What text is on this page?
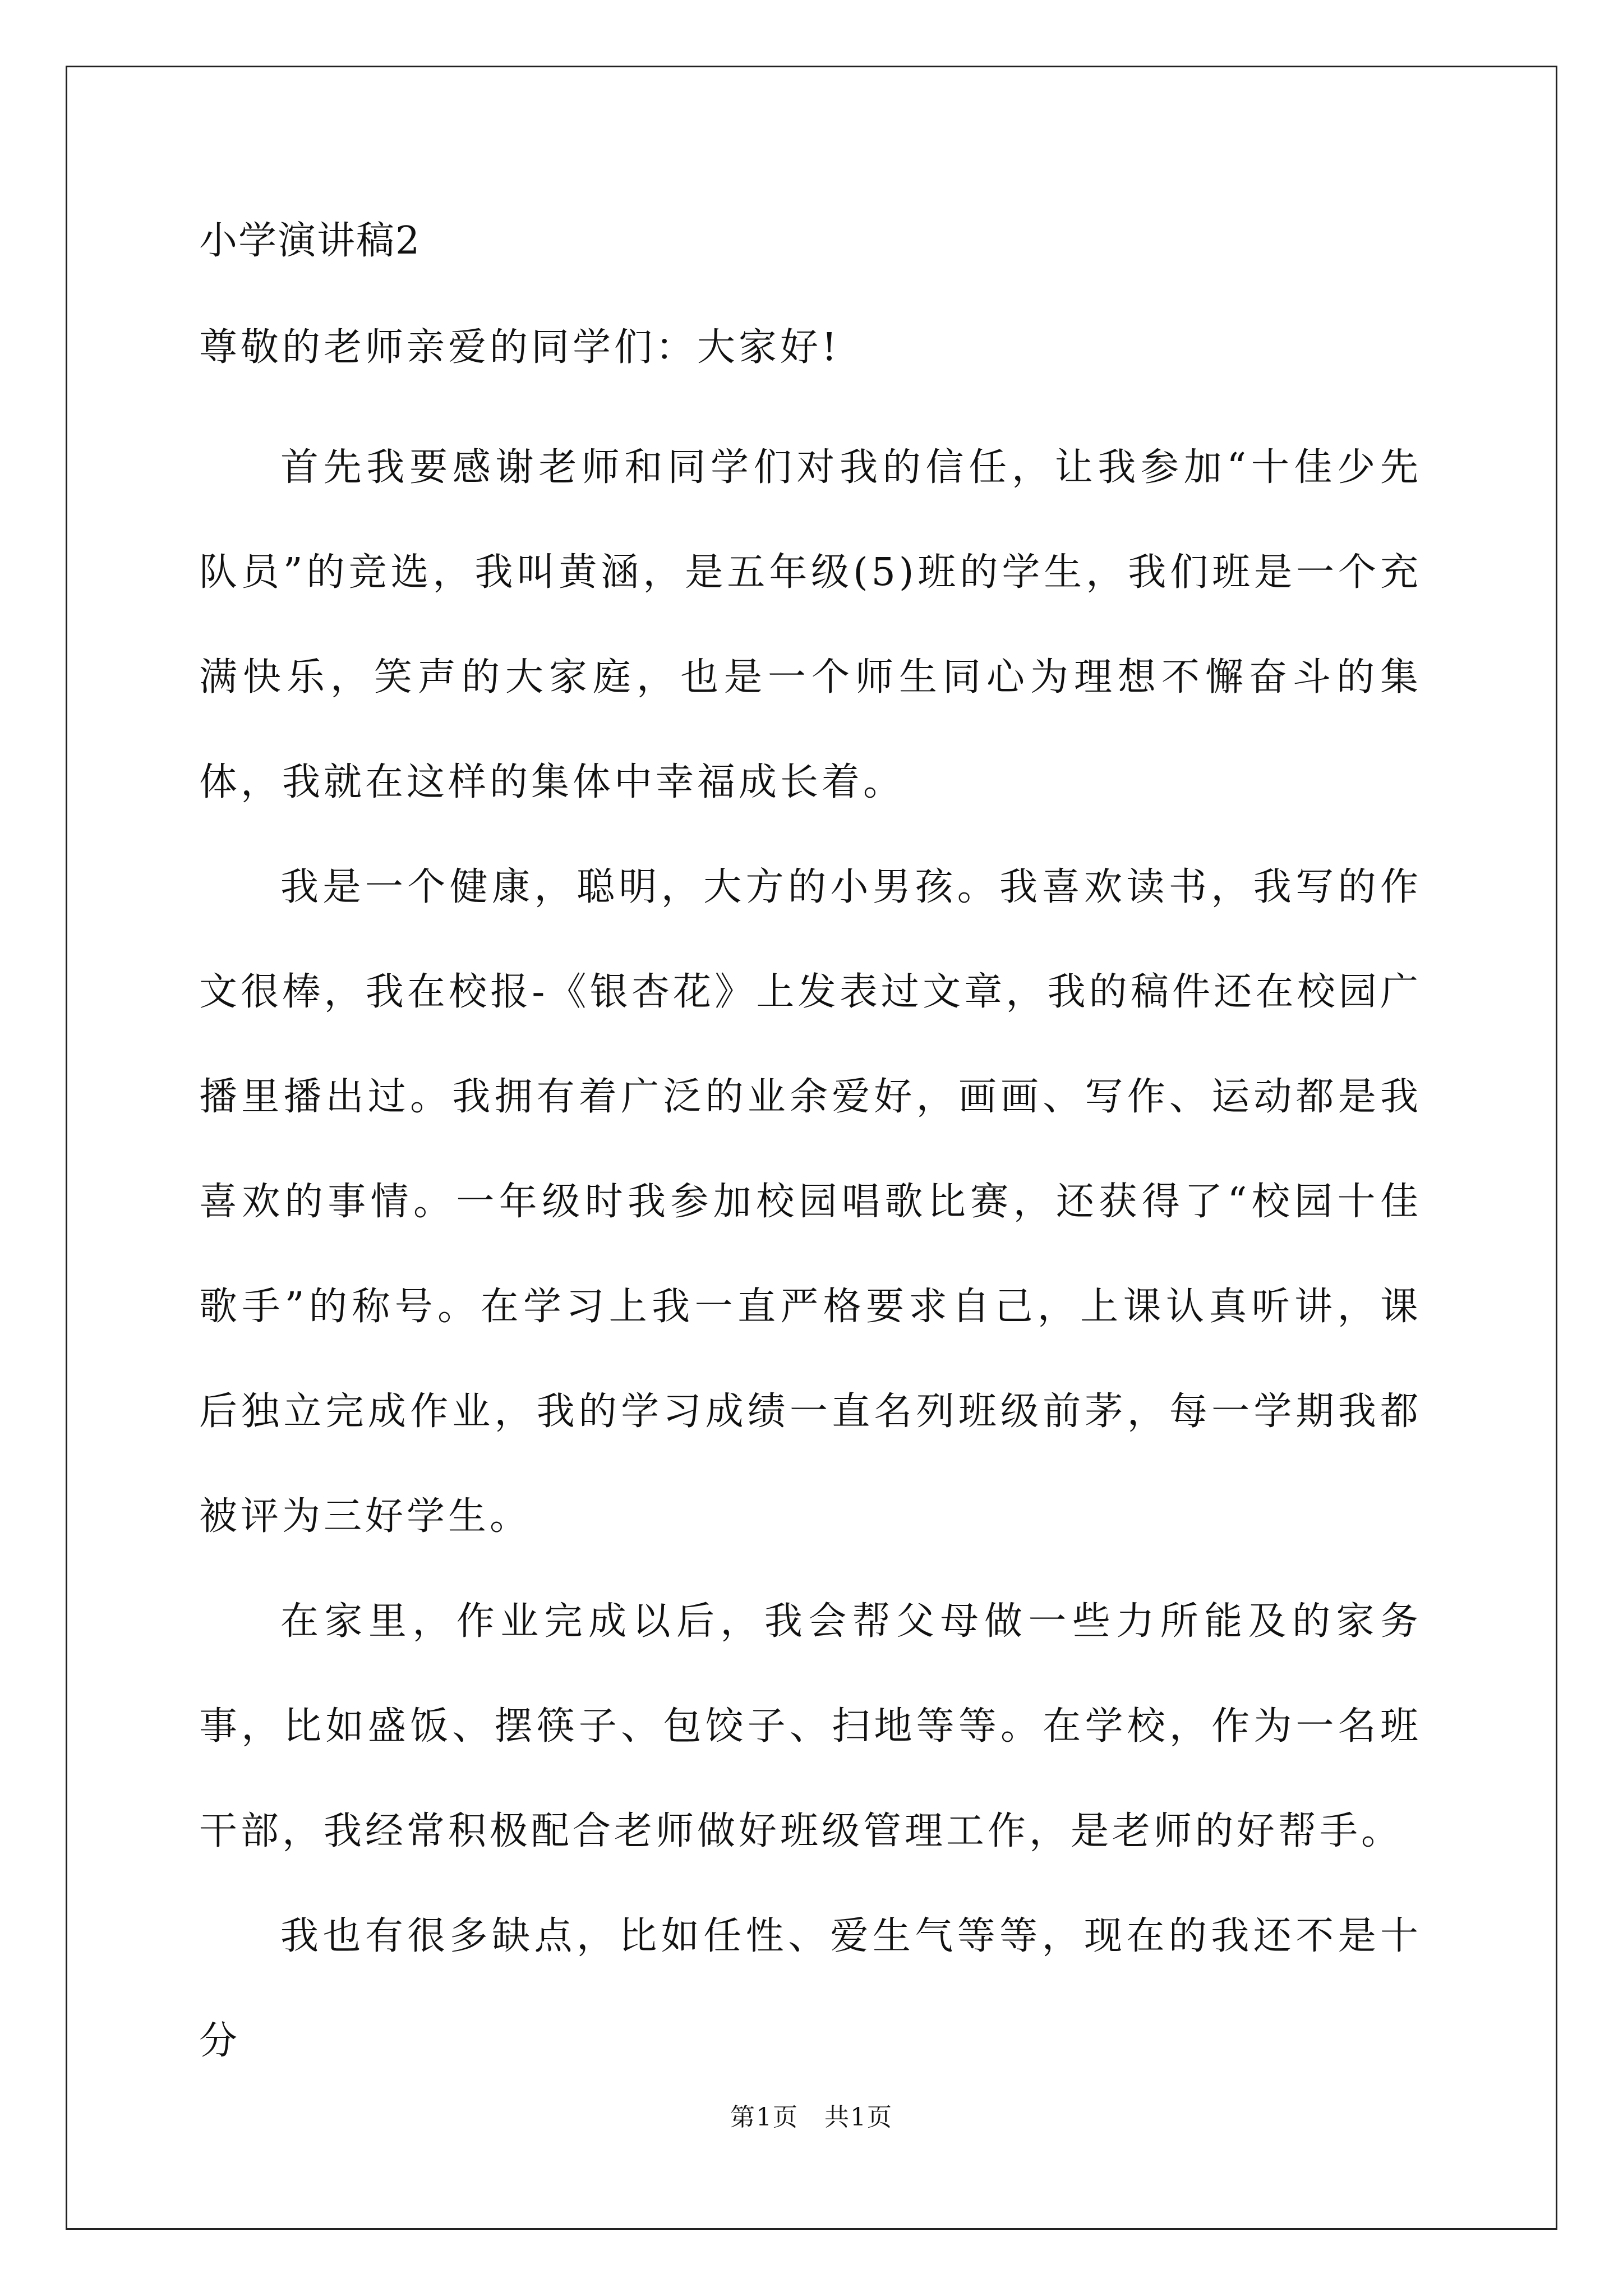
小学演讲稿2
尊敬的老师亲爱的同学们：大家好!

首先我要感谢老师和同学们对我的信任，让我参加“十佳少先队员”的竞选，我叫黄涵，是五年级(5)班的学生，我们班是一个充满快乐，笑声的大家庭，也是一个师生同心为理想不懈奋斗的集体，我就在这样的集体中幸福成长着。

我是一个健康，聪明，大方的小男孩。我喜欢读书，我写的作文很棒，我在校报-《银杏花》上发表过文章，我的稿件还在校园广播里播出过。我拥有着广泛的业余爱好，画画、写作、运动都是我喜欢的事情。一年级时我参加校园唱歌比赛，还获得了“校园十佳歌手”的称号。在学习上我一直严格要求自己，上课认真听讲，课后独立完成作业，我的学习成绩一直名列班级前茅，每一学期我都被评为三好学生。

在家里，作业完成以后，我会帮父母做一些力所能及的家务事，比如盛饭、摆筷子、包饺子、扫地等等。在学校，作为一名班干部，我经常积极配合老师做好班级管理工作，是老师的好帮手。

我也有很多缺点，比如任性、爱生气等等，现在的我还不是十分

第1页　共1页
